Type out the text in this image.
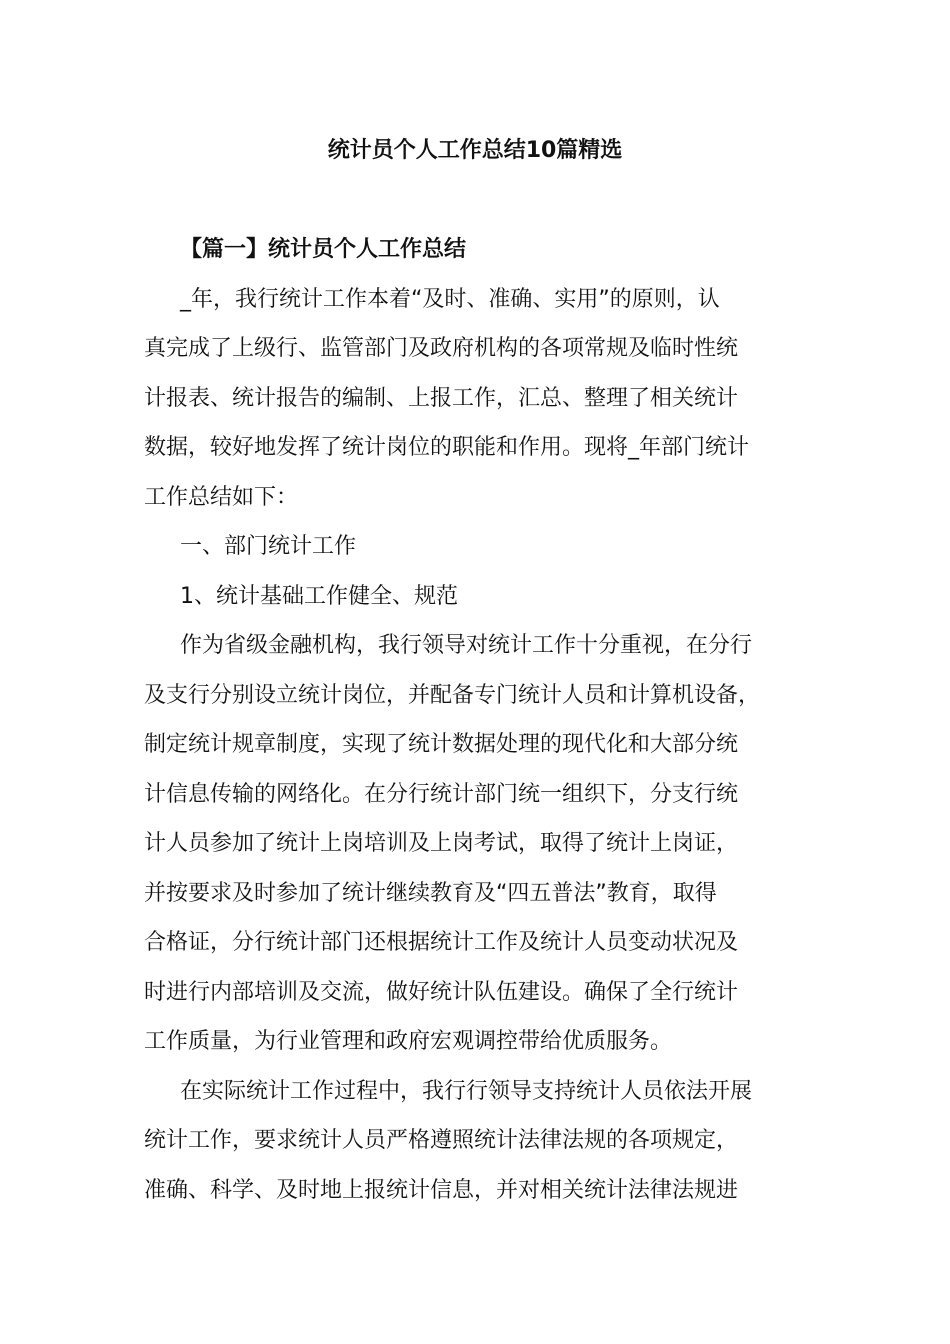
统计员个人工作总结10篇精选
【篇一】统计员个人工作总结
_年，我行统计工作本着“及时、准确、实用”的原则，认
真完成了上级行、监管部门及政府机构的各项常规及临时性统
计报表、统计报告的编制、上报工作，汇总、整理了相关统计
数据，较好地发挥了统计岗位的职能和作用。现将_年部门统计
工作总结如下：
一、部门统计工作
1、统计基础工作健全、规范
作为省级金融机构，我行领导对统计工作十分重视，在分行
及支行分别设立统计岗位，并配备专门统计人员和计算机设备，
制定统计规章制度，实现了统计数据处理的现代化和大部分统
计信息传输的网络化。在分行统计部门统一组织下，分支行统
计人员参加了统计上岗培训及上岗考试，取得了统计上岗证，
并按要求及时参加了统计继续教育及“四五普法”教育，取得
合格证，分行统计部门还根据统计工作及统计人员变动状况及
时进行内部培训及交流，做好统计队伍建设。确保了全行统计
工作质量，为行业管理和政府宏观调控带给优质服务。
在实际统计工作过程中，我行行领导支持统计人员依法开展
统计工作，要求统计人员严格遵照统计法律法规的各项规定，
准确、科学、及时地上报统计信息，并对相关统计法律法规进
